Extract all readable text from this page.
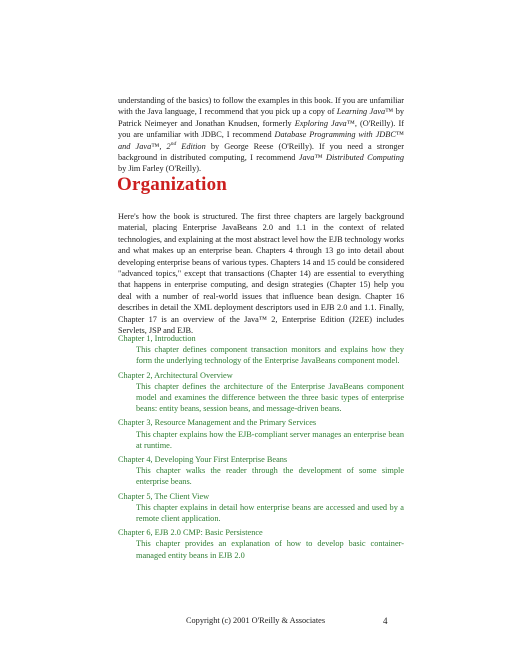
understanding of the basics) to follow the examples in this book. If you are unfamiliar with the Java language, I recommend that you pick up a copy of Learning Java™ by Patrick Neimeyer and Jonathan Knudsen, formerly Exploring Java™, (O'Reilly). If you are unfamiliar with JDBC, I recommend Database Programming with JDBC™ and Java™, 2nd Edition by George Reese (O'Reilly). If you need a stronger background in distributed computing, I recommend Java™ Distributed Computing by Jim Farley (O'Reilly).

Organization

Here's how the book is structured. The first three chapters are largely background material, placing Enterprise JavaBeans 2.0 and 1.1 in the context of related technologies, and explaining at the most abstract level how the EJB technology works and what makes up an enterprise bean. Chapters 4 through 13 go into detail about developing enterprise beans of various types. Chapters 14 and 15 could be considered "advanced topics," except that transactions (Chapter 14) are essential to everything that happens in enterprise computing, and design strategies (Chapter 15) help you deal with a number of real-world issues that influence bean design. Chapter 16 describes in detail the XML deployment descriptors used in EJB 2.0 and 1.1. Finally, Chapter 17 is an overview of the Java™ 2, Enterprise Edition (J2EE) includes Servlets, JSP and EJB.

Chapter 1, Introduction
This chapter defines component transaction monitors and explains how they form the underlying technology of the Enterprise JavaBeans component model.
Chapter 2, Architectural Overview
This chapter defines the architecture of the Enterprise JavaBeans component model and examines the difference between the three basic types of enterprise beans: entity beans, session beans, and message-driven beans.
Chapter 3, Resource Management and the Primary Services
This chapter explains how the EJB-compliant server manages an enterprise bean at runtime.
Chapter 4, Developing Your First Enterprise Beans
This chapter walks the reader through the development of some simple enterprise beans.
Chapter 5, The Client View
This chapter explains in detail how enterprise beans are accessed and used by a remote client application.
Chapter 6, EJB 2.0 CMP: Basic Persistence
This chapter provides an explanation of how to develop basic container-managed entity beans in EJB 2.0
Copyright (c) 2001 O'Reilly & Associates	4
